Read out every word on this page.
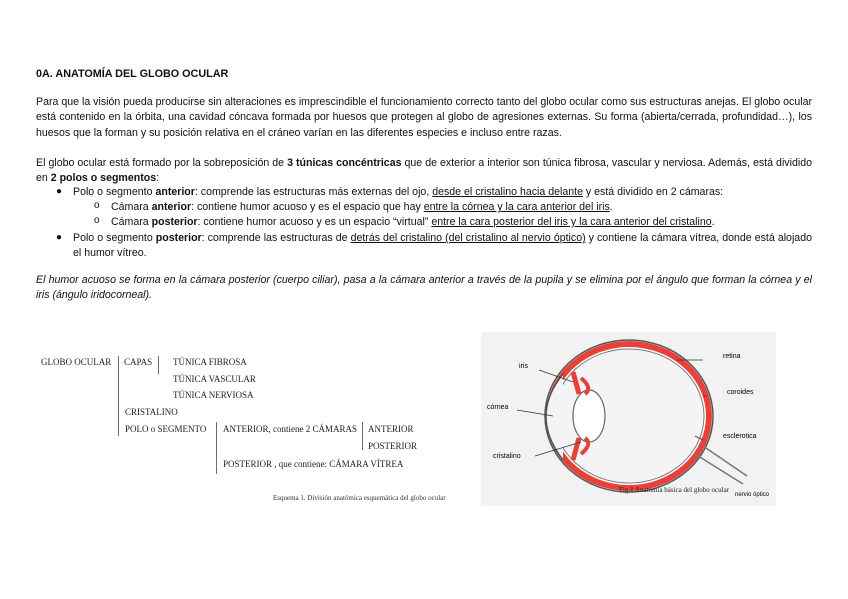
0A. ANATOMÍA DEL GLOBO OCULAR
Para que la visión pueda producirse sin alteraciones es imprescindible el funcionamiento correcto tanto del globo ocular como sus estructuras anejas. El globo ocular está contenido en la órbita, una cavidad cóncava formada por huesos que protegen al globo de agresiones externas. Su forma (abierta/cerrada, profundidad…), los huesos que la forman y su posición relativa en el cráneo varían en las diferentes especies e incluso entre razas.
El globo ocular está formado por la sobreposición de 3 túnicas concéntricas que de exterior a interior son túnica fibrosa, vascular y nerviosa. Además, está dividido en 2 polos o segmentos:
● Polo o segmento anterior: comprende las estructuras más externas del ojo, desde el cristalino hacia delante y está dividido en 2 cámaras:
o Cámara anterior: contiene humor acuoso y es el espacio que hay entre la córnea y la cara anterior del iris.
o Cámara posterior: contiene humor acuoso y es un espacio “virtual” entre la cara posterior del iris y la cara anterior del cristalino.
● Polo o segmento posterior: comprende las estructuras de detrás del cristalino (del cristalino al nervio óptico) y contiene la cámara vítrea, donde está alojado el humor vítreo.
El humor acuoso se forma en la cámara posterior (cuerpo ciliar), pasa a la cámara anterior a través de la pupila y se elimina por el ángulo que forman la córnea y el iris (ángulo iridocorneal).
GLOBO OCULAR CAPAS TÚNICA FIBROSA
TÚNICA VASCULAR
TÚNICA NERVIOSA
CRISTALINO
POLO o SEGMENTO ANTERIOR, contiene 2 CÁMARAS ANTERIOR
POSTERIOR
POSTERIOR , que contiene: CÁMARA VÍTREA
Esquema 1. División anatómica esquemática del globo ocular
iris
córnea
cristalino
retina
coroides
esclerotica
nervio óptico
Fig.1 Anatomía básica del globo ocular
